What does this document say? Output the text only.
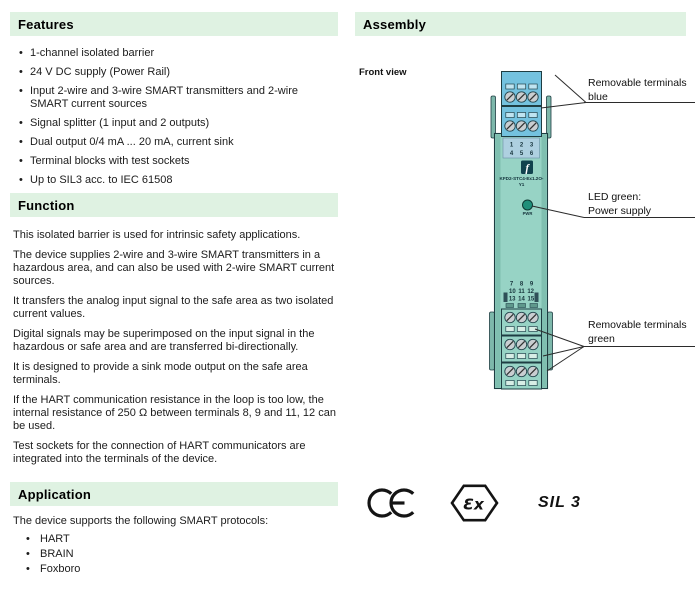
Features
• 1-channel isolated barrier
• 24 V DC supply (Power Rail)
• Input 2-wire and 3-wire SMART transmitters and 2-wire SMART current sources
• Signal splitter (1 input and 2 outputs)
• Dual output 0/4 mA ... 20 mA, current sink
• Terminal blocks with test sockets
• Up to SIL3 acc. to IEC 61508
Function

This isolated barrier is used for intrinsic safety applications.

The device supplies 2-wire and 3-wire SMART transmitters in a hazardous area, and can also be used with 2-wire SMART current sources.

It transfers the analog input signal to the safe area as two isolated current values.

Digital signals may be superimposed on the input signal in the hazardous or safe area and are transferred bi-directionally.

It is designed to provide a sink mode output on the safe area terminals.

If the HART communication resistance in the loop is too low, the internal resistance of 250 Ω between terminals 8, 9 and 11, 12 can be used.

Test sockets for the connection of HART communicators are integrated into the terminals of the device.

Application
The device supports the following SMART protocols:
• HART
• BRAIN
• Foxboro
Assembly
Front view
1 2 3
4 5 6
f
KFD2-STC4-Ex1.2O-
Y1
PWR
7 8 9
10 11 12
13 14 15
Ɛx
Removable terminals
blue
LED green:
Power supply
Removable terminals
green
SIL 3
